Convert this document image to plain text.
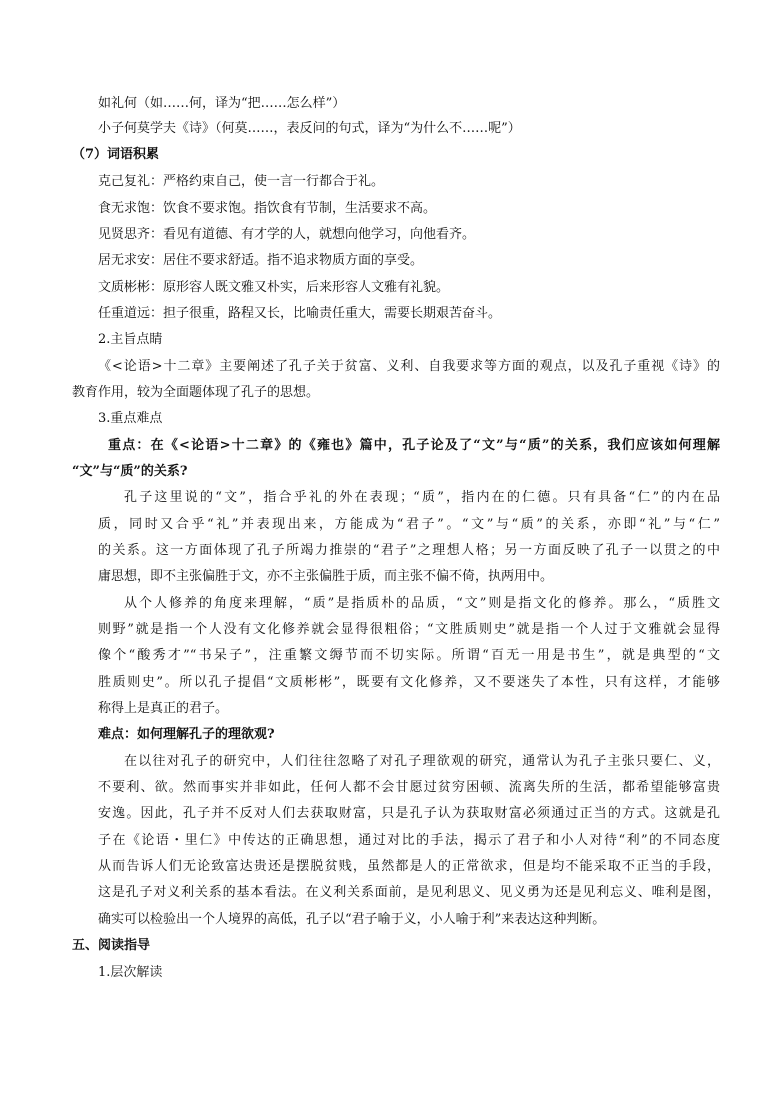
如礼何（如……何，译为“把……怎么样”）
小子何莫学夫《诗》（何莫……，表反问的句式，译为“为什么不……呢”）
（7）词语积累
克己复礼：严格约束自己，使一言一行都合于礼。
食无求饱：饮食不要求饱。指饮食有节制，生活要求不高。
见贤思齐：看见有道德、有才学的人，就想向他学习，向他看齐。
居无求安：居住不要求舒适。指不追求物质方面的享受。
文质彬彬：原形容人既文雅又朴实，后来形容人文雅有礼貌。
任重道远：担子很重，路程又长，比喻责任重大，需要长期艰苦奋斗。
2.主旨点睛
《<论语>十二章》主要阐述了孔子关于贫富、义利、自我要求等方面的观点，以及孔子重视《诗》的
教育作用，较为全面题体现了孔子的思想。
3.重点难点
重点：在《<论语>十二章》的《雍也》篇中，孔子论及了“文”与“质”的关系，我们应该如何理解
“文”与“质”的关系?
孔子这里说的“文”，指合乎礼的外在表现；“质”，指内在的仁德。只有具备“仁”的内在品
质，同时又合乎“礼”并表现出来，方能成为“君子”。“文”与“质”的关系，亦即“礼”与“仁”
的关系。这一方面体现了孔子所竭力推崇的“君子”之理想人格；另一方面反映了孔子一以贯之的中
庸思想，即不主张偏胜于文，亦不主张偏胜于质，而主张不偏不倚，执两用中。
从个人修养的角度来理解，“质”是指质朴的品质，“文”则是指文化的修养。那么，“质胜文
则野”就是指一个人没有文化修养就会显得很粗俗；“文胜质则史”就是指一个人过于文雅就会显得
像个“酸秀才”“书呆子”，注重繁文缛节而不切实际。所谓“百无一用是书生”，就是典型的“文
胜质则史”。所以孔子提倡“文质彬彬”，既要有文化修养，又不要迷失了本性，只有这样，才能够
称得上是真正的君子。
难点：如何理解孔子的理欲观?
在以往对孔子的研究中，人们往往忽略了对孔子理欲观的研究，通常认为孔子主张只要仁、义，
不要利、欲。然而事实并非如此，任何人都不会甘愿过贫穷困顿、流离失所的生活，都希望能够富贵
安逸。因此，孔子并不反对人们去获取财富，只是孔子认为获取财富必须通过正当的方式。这就是孔
子在《论语・里仁》中传达的正确思想，通过对比的手法，揭示了君子和小人对待“利”的不同态度
从而告诉人们无论致富达贵还是摆脱贫贱，虽然都是人的正常欲求，但是均不能采取不正当的手段，
这是孔子对义利关系的基本看法。在义利关系面前，是见利思义、见义勇为还是见利忘义、唯利是图，
确实可以检验出一个人境界的高低，孔子以“君子喻于义，小人喻于利”来表达这种判断。
五、阅读指导
1.层次解读
